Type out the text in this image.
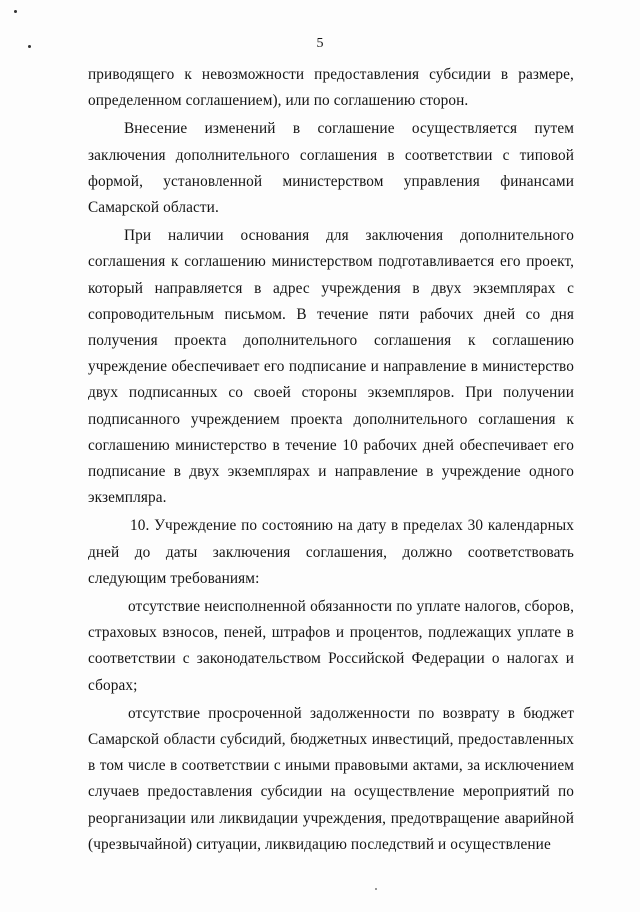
5

приводящего к невозможности предоставления субсидии в размере, определенном соглашением), или по соглашению сторон.

Внесение изменений в соглашение осуществляется путем заключения дополнительного соглашения в соответствии с типовой формой, установленной министерством управления финансами Самарской области.

При наличии основания для заключения дополнительного соглашения к соглашению министерством подготавливается его проект, который направляется в адрес учреждения в двух экземплярах с сопроводительным письмом. В течение пяти рабочих дней со дня получения проекта дополнительного соглашения к соглашению учреждение обеспечивает его подписание и направление в министерство двух подписанных со своей стороны экземпляров. При получении подписанного учреждением проекта дополнительного соглашения к соглашению министерство в течение 10 рабочих дней обеспечивает его подписание в двух экземплярах и направление в учреждение одного экземпляра.

10. Учреждение по состоянию на дату в пределах 30 календарных дней до даты заключения соглашения, должно соответствовать следующим требованиям:

отсутствие неисполненной обязанности по уплате налогов, сборов, страховых взносов, пеней, штрафов и процентов, подлежащих уплате в соответствии с законодательством Российской Федерации о налогах и сборах;

отсутствие просроченной задолженности по возврату в бюджет Самарской области субсидий, бюджетных инвестиций, предоставленных в том числе в соответствии с иными правовыми актами, за исключением случаев предоставления субсидии на осуществление мероприятий по реорганизации или ликвидации учреждения, предотвращение аварийной (чрезвычайной) ситуации, ликвидацию последствий и осуществление
